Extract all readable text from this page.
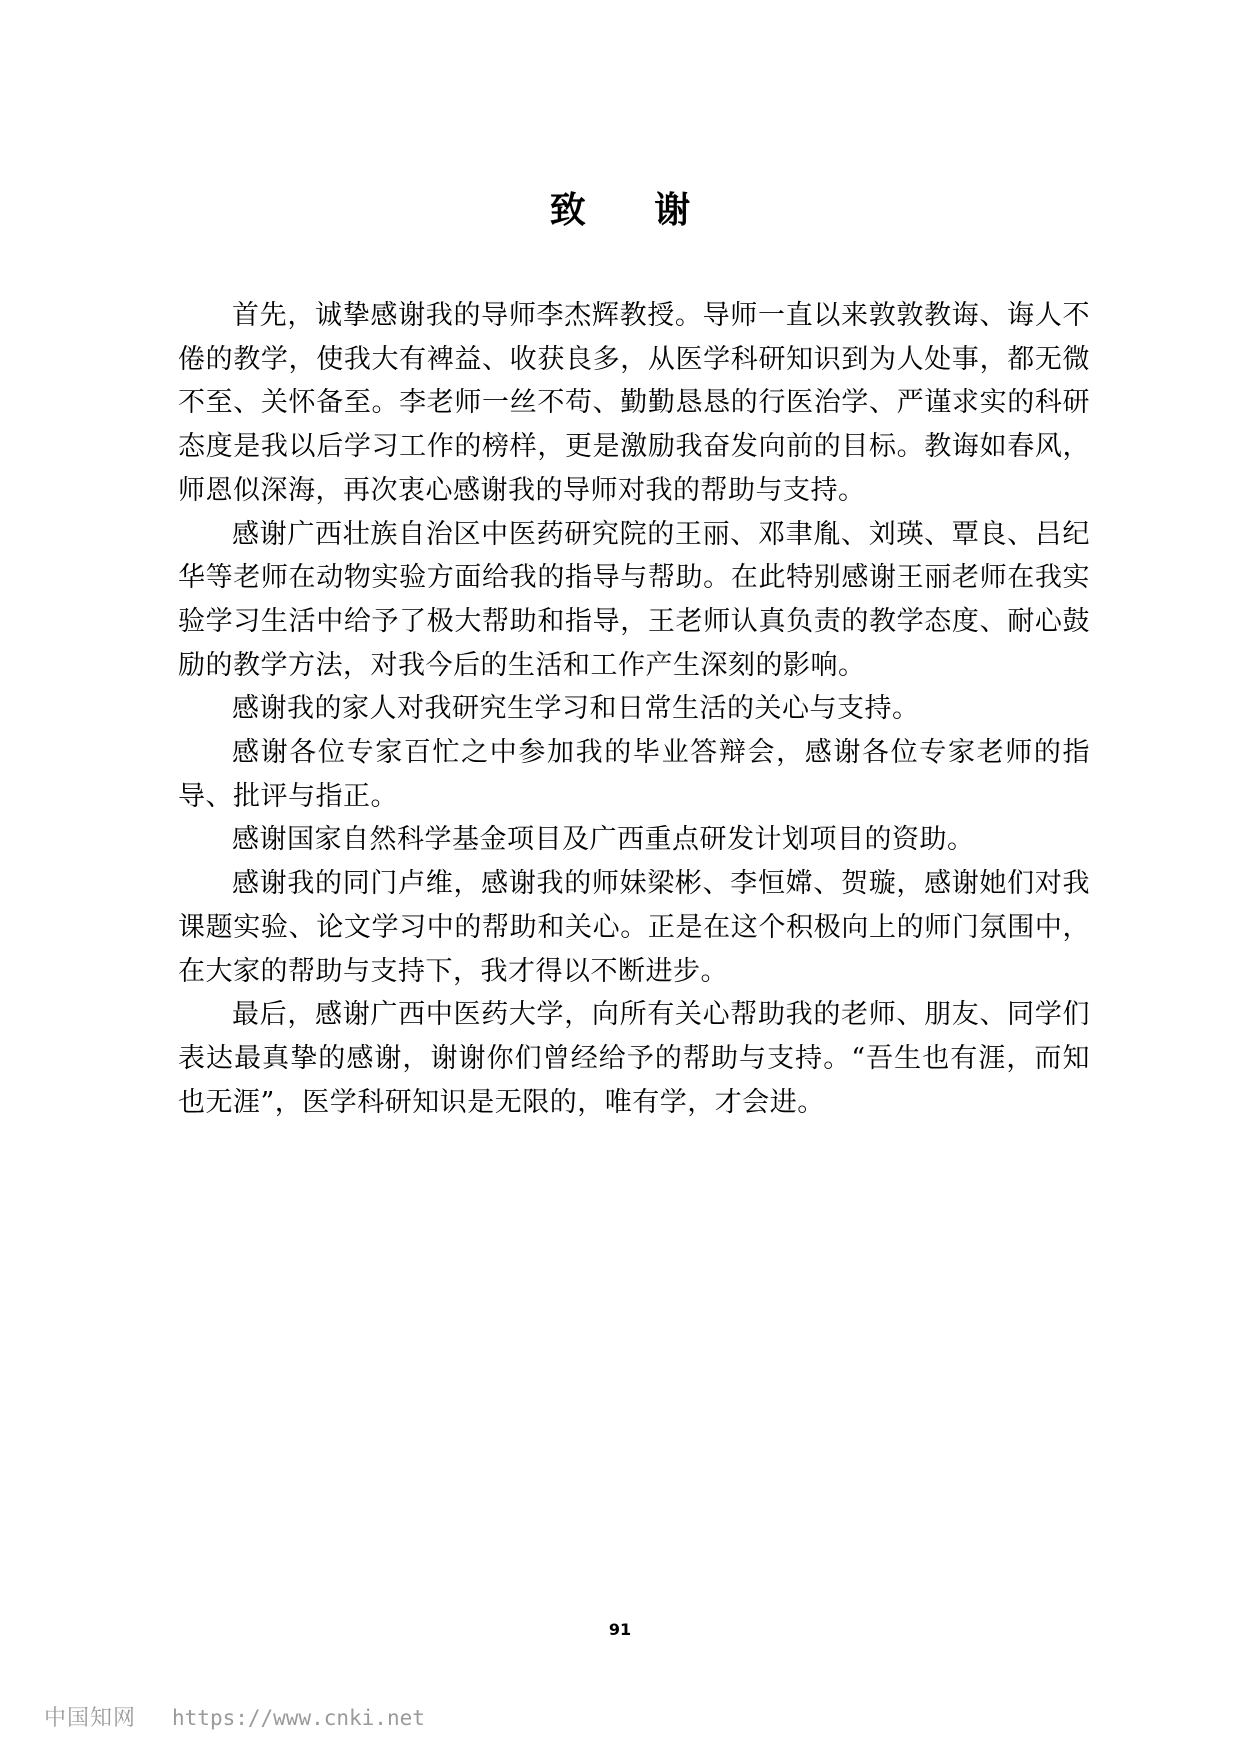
致 谢

首先，诚挚感谢我的导师李杰辉教授。导师一直以来敦敦教诲、诲人不倦的教学，使我大有裨益、收获良多，从医学科研知识到为人处事，都无微不至、关怀备至。李老师一丝不苟、勤勤恳恳的行医治学、严谨求实的科研态度是我以后学习工作的榜样，更是激励我奋发向前的目标。教诲如春风，师恩似深海，再次衷心感谢我的导师对我的帮助与支持。

感谢广西壮族自治区中医药研究院的王丽、邓聿胤、刘瑛、覃良、吕纪华等老师在动物实验方面给我的指导与帮助。在此特别感谢王丽老师在我实验学习生活中给予了极大帮助和指导，王老师认真负责的教学态度、耐心鼓励的教学方法，对我今后的生活和工作产生深刻的影响。

感谢我的家人对我研究生学习和日常生活的关心与支持。

感谢各位专家百忙之中参加我的毕业答辩会，感谢各位专家老师的指导、批评与指正。

感谢国家自然科学基金项目及广西重点研发计划项目的资助。

感谢我的同门卢维，感谢我的师妹梁彬、李恒嫦、贺璇，感谢她们对我课题实验、论文学习中的帮助和关心。正是在这个积极向上的师门氛围中，在大家的帮助与支持下，我才得以不断进步。

最后，感谢广西中医药大学，向所有关心帮助我的老师、朋友、同学们表达最真挚的感谢，谢谢你们曾经给予的帮助与支持。“吾生也有涯，而知也无涯”，医学科研知识是无限的，唯有学，才会进。

91

中国知网 https://www.cnki.net
